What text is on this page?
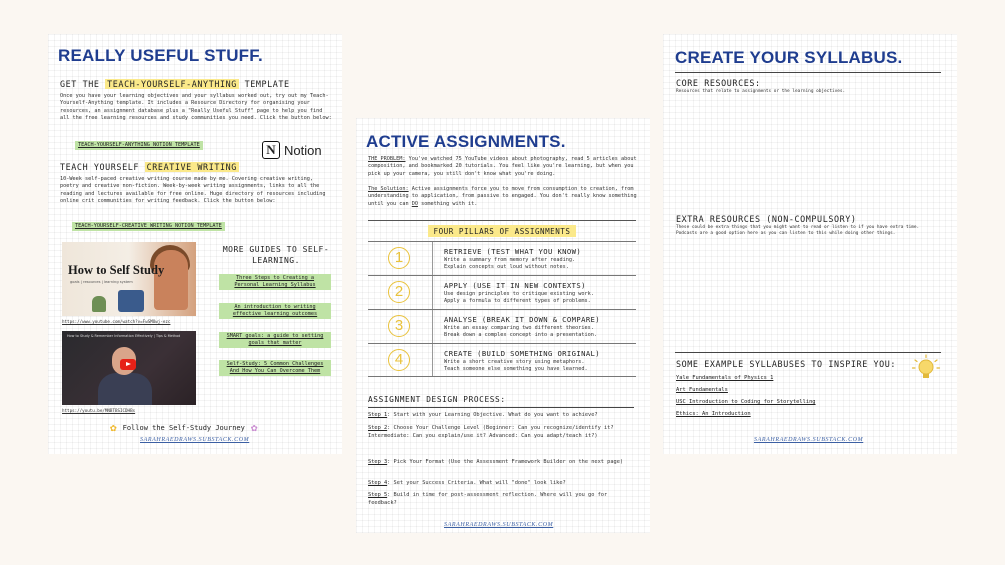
REALLY USEFUL STUFF.
GET THE TEACH-YOURSELF-ANYTHING TEMPLATE
Once you have your learning objectives and your syllabus worked out, try out my Teach-Yourself-Anything template. It includes a Resource Directory for organising your resources, an assignment database plus a "Really Useful Stuff" page to help you find all the free learning resources and study communities you need. Click the button below:
TEACH-YOURSELF-ANYTHING NOTION TEMPLATE	N Notion
TEACH YOURSELF CREATIVE WRITING
10-Week self-paced creative writing course made by me. Covering creative writing, poetry and creative non-fiction. Week-by-week writing assignments, links to all the reading and lectures available for free online. Huge directory of resources including online crit communities for writing feedback. Click the button below:
TEACH-YOURSELF-CREATIVE WRITING NOTION TEMPLATE
How to Self Study
goals | resources | learning system
https://www.youtube.com/watch?v=FwSMOwj-ezc
How to Study & Remember Information Effectively | Tips & Method
https://youtu.be/MNBTBSICDHBs
MORE GUIDES TO SELF-LEARNING.
Three Steps to Creating a Personal Learning Syllabus
An introduction to writing effective learning outcomes
SMART goals: a guide to setting goals that matter
Self-Study: 5 Common Challenges And How You Can Overcome Them
✿ Follow the Self-Study Journey ✿
SARAHRAEDRAWS.SUBSTACK.COM
ACTIVE ASSIGNMENTS.
THE PROBLEM: You've watched 75 YouTube videos about photography, read 5 articles about composition, and bookmarked 20 tutorials. You feel like you're learning, but when you pick up your camera, you still don't know what you're doing.
The Solution: Active assignments force you to move from consumption to creation, from understanding to application, from passive to engaged. You don't really know something until you can DO something with it.
FOUR PILLARS OF ASSIGNMENTS
1	RETRIEVE (TEST WHAT YOU KNOW)
Write a summary from memory after reading.
Explain concepts out loud without notes.
2	APPLY (USE IT IN NEW CONTEXTS)
Use design principles to critique existing work.
Apply a formula to different types of problems.
3	ANALYSE (BREAK IT DOWN & COMPARE)
Write an essay comparing two different theories.
Break down a complex concept into a presentation.
4	CREATE (BUILD SOMETHING ORIGINAL)
Write a short creative story using metaphors.
Teach someone else something you have learned.
ASSIGNMENT DESIGN PROCESS:
Step 1: Start with your Learning Objective. What do you want to achieve?
Step 2: Choose Your Challenge Level (Beginner: Can you recognize/identify it? Intermediate: Can you explain/use it? Advanced: Can you adapt/teach it?)
Step 3: Pick Your Format (Use the Assessment Framework Builder on the next page)
Step 4: Set your Success Criteria. What will "done" look like?
Step 5: Build in time for post-assessment reflection. Where will you go for feedback?
SARAHRAEDRAWS.SUBSTACK.COM
CREATE YOUR SYLLABUS.
CORE RESOURCES:
Resources that relate to assignments or the learning objectives.
EXTRA RESOURCES (NON-COMPULSORY)
These could be extra things that you might want to read or listen to if you have extra time. Podcasts are a good option here as you can listen to this while doing other things.
SOME EXAMPLE SYLLABUSES TO INSPIRE YOU:
Yale Fundamentals of Physics 1
Art Fundamentals
USC Introduction to Coding for Storytelling
Ethics: An Introduction
SARAHRAEDRAWS.SUBSTACK.COM
